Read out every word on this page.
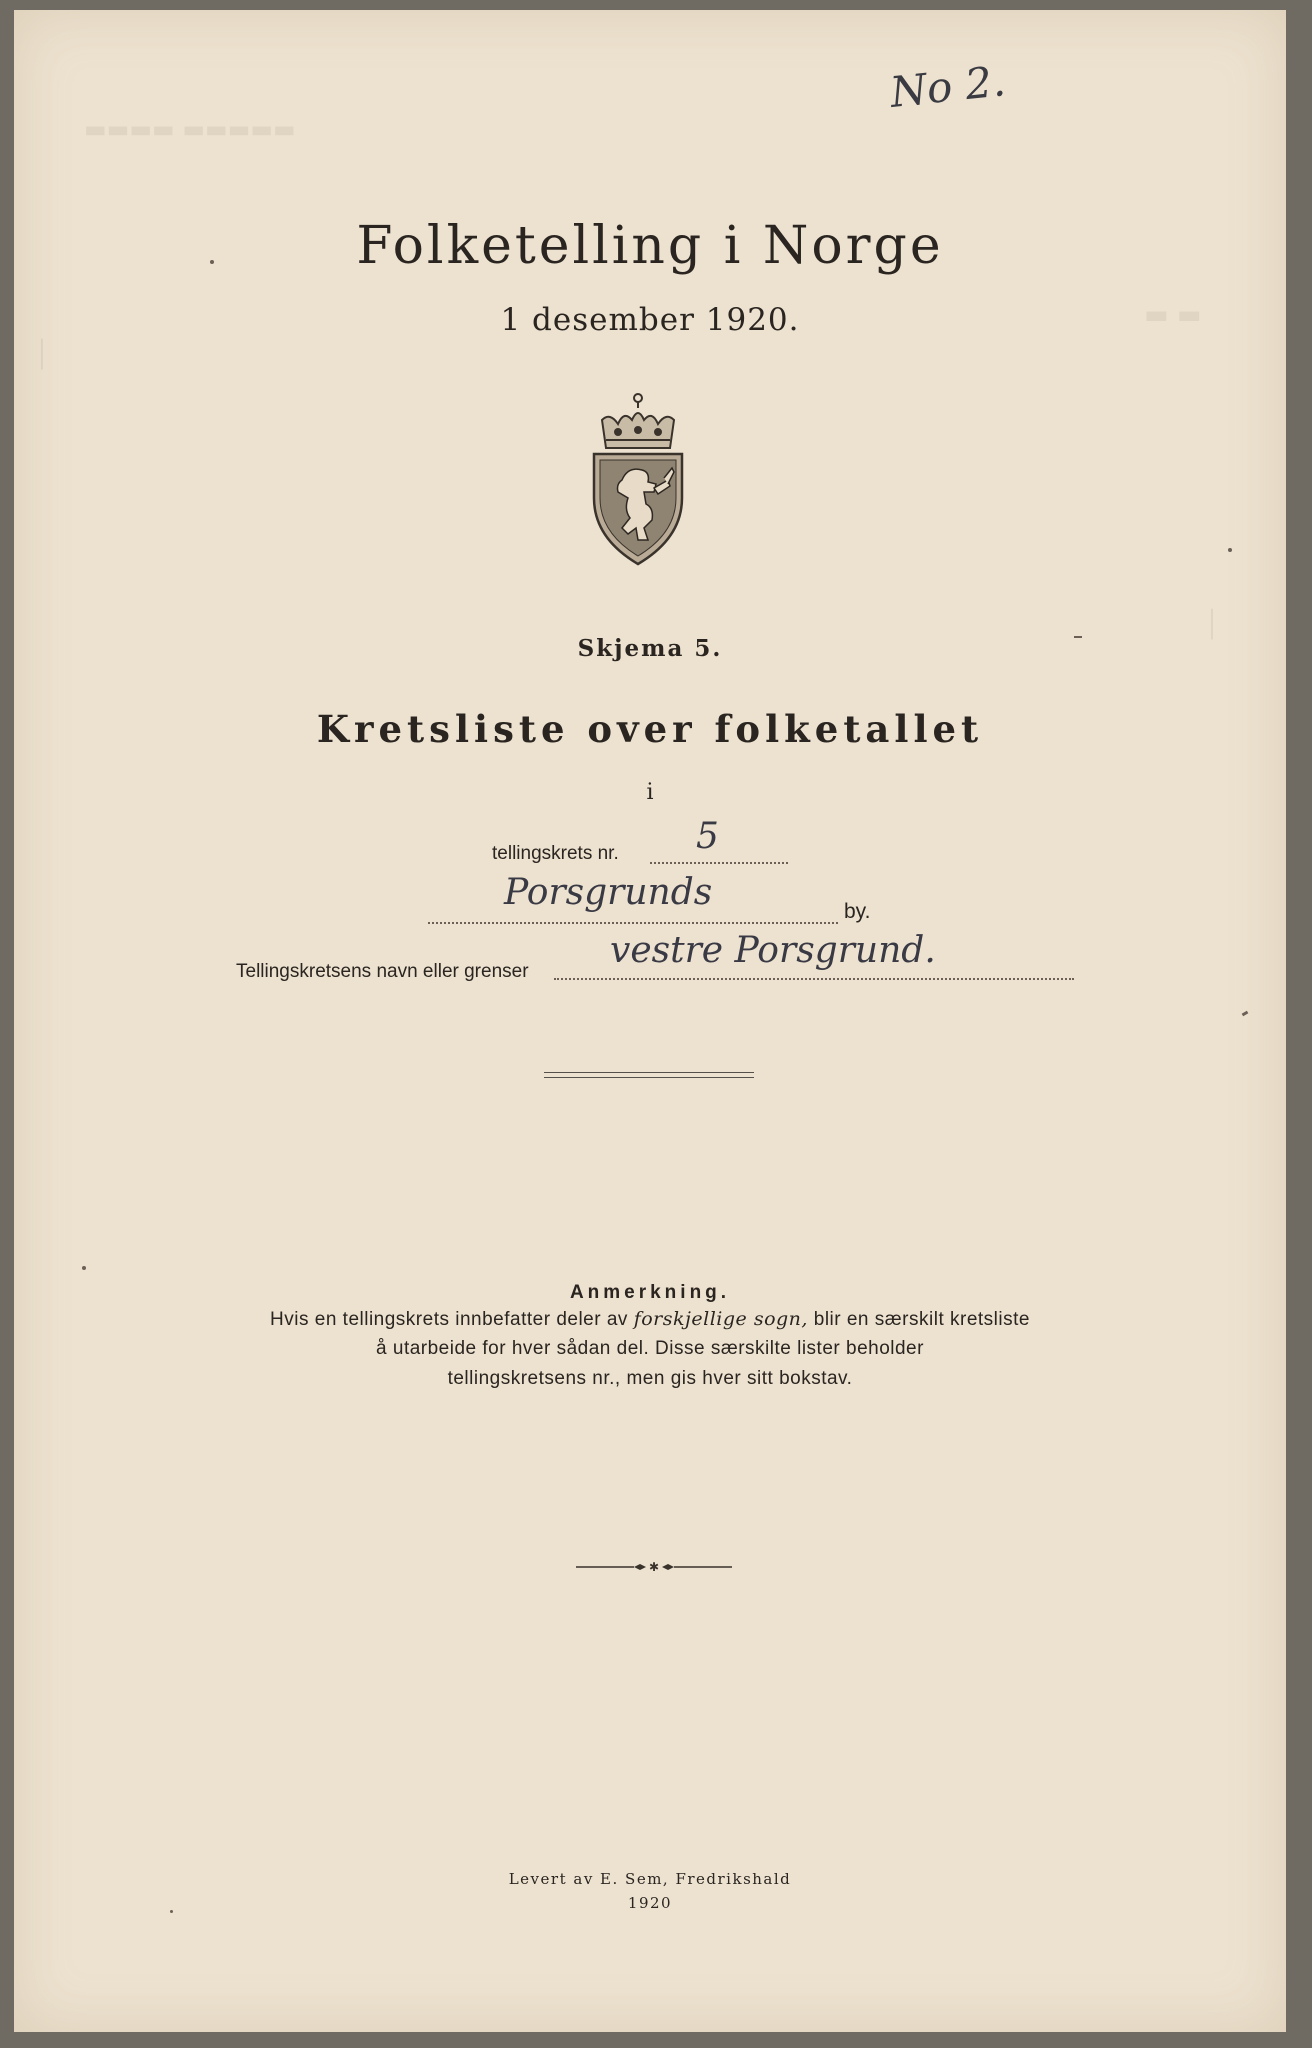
▬▬▬▬ ▬▬▬▬▬
│
▬ ▬
│
No 2.
Folketelling i Norge
1 desember 1920.
Skjema 5.
Kretsliste over folketallet
i
tellingskrets nr. 5
Porsgrunds	by.
Tellingskretsens navn eller grenser
vestre Porsgrund.
Anmerkning.
Hvis en tellingskrets innbefatter deler av forskjellige sogn, blir en særskilt kretsliste
å utarbeide for hver sådan del. Disse særskilte lister beholder
tellingskretsens nr., men gis hver sitt bokstav.
✱
Levert av E. Sem, Fredrikshald
1920
